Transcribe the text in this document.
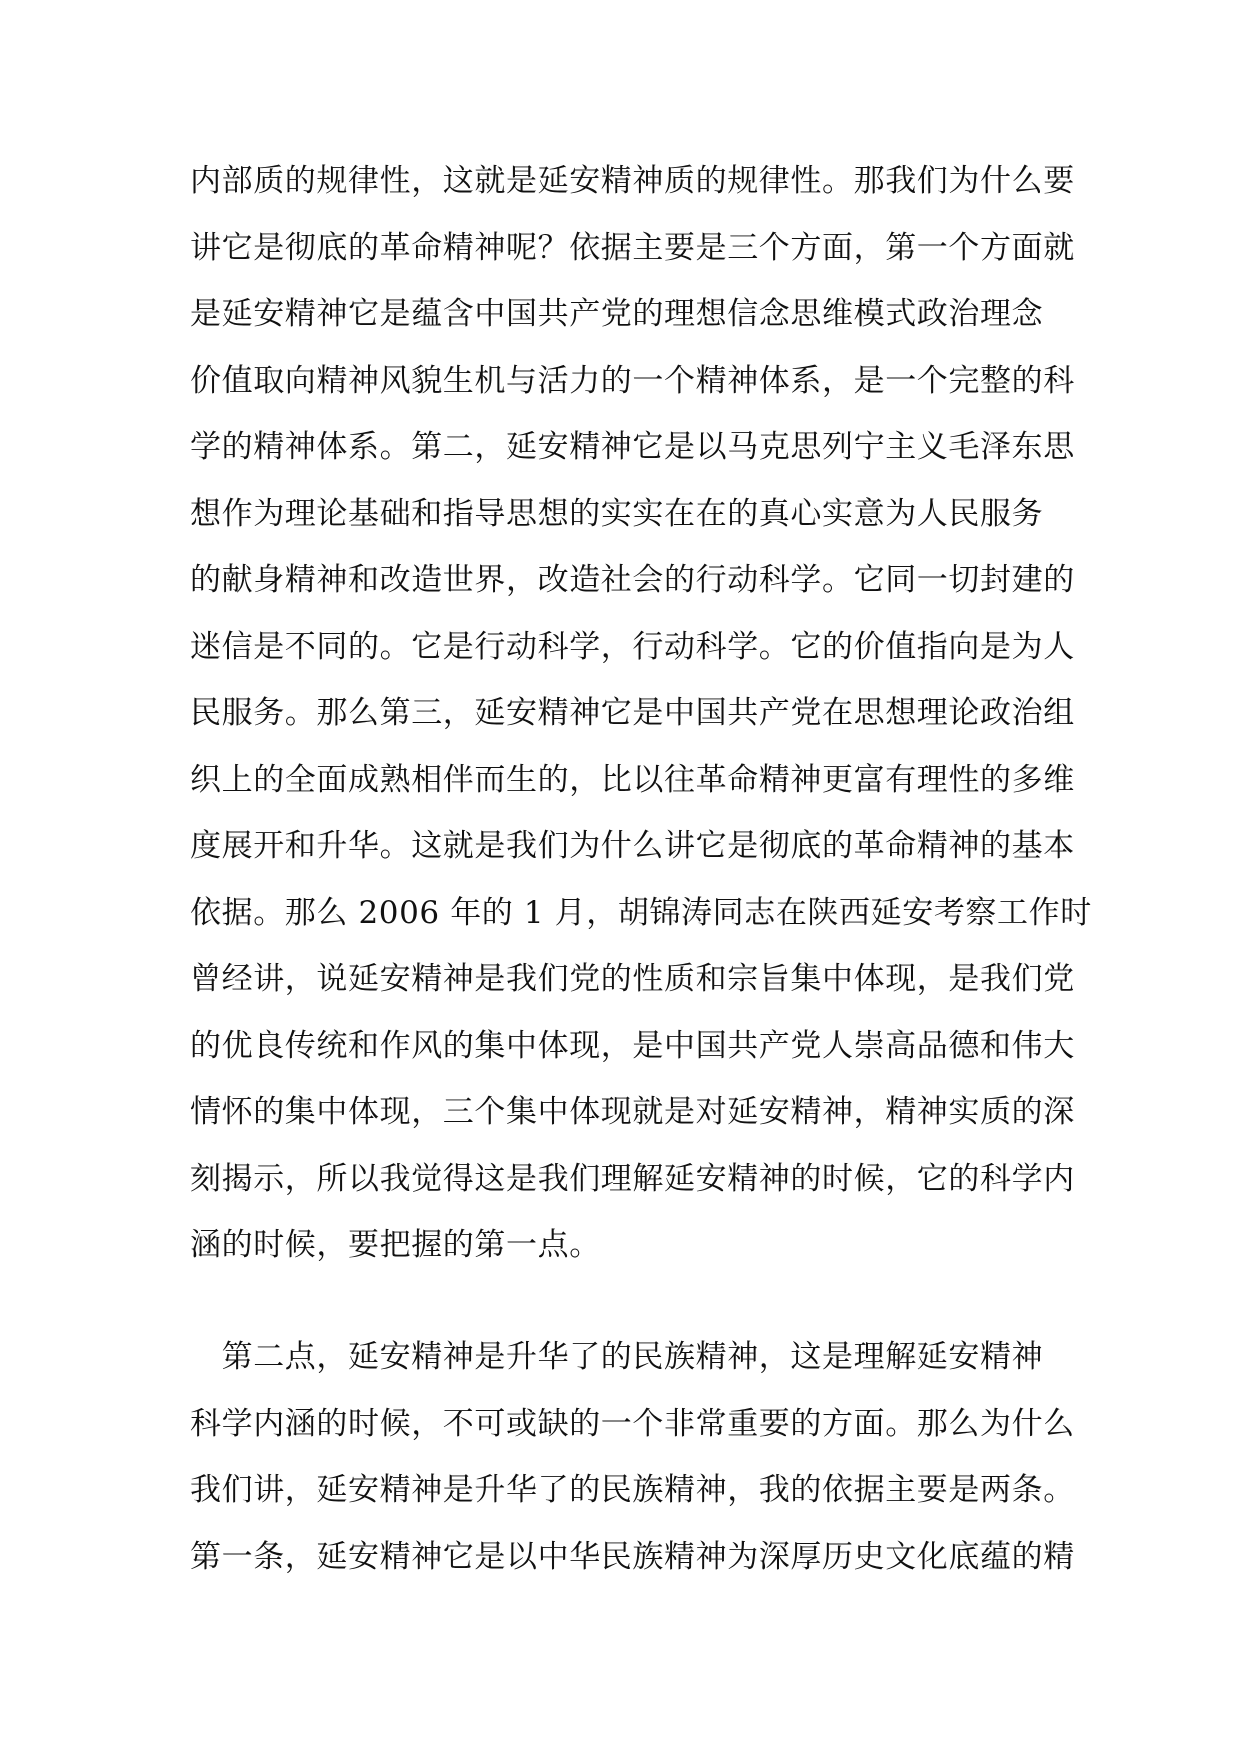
内部质的规律性，这就是延安精神质的规律性。那我们为什么要
讲它是彻底的革命精神呢？依据主要是三个方面，第一个方面就
是延安精神它是蕴含中国共产党的理想信念思维模式政治理念
价值取向精神风貌生机与活力的一个精神体系，是一个完整的科
学的精神体系。第二，延安精神它是以马克思列宁主义毛泽东思
想作为理论基础和指导思想的实实在在的真心实意为人民服务
的献身精神和改造世界，改造社会的行动科学。它同一切封建的
迷信是不同的。它是行动科学，行动科学。它的价值指向是为人
民服务。那么第三，延安精神它是中国共产党在思想理论政治组
织上的全面成熟相伴而生的，比以往革命精神更富有理性的多维
度展开和升华。这就是我们为什么讲它是彻底的革命精神的基本
依据。那么 2006 年的 1 月，胡锦涛同志在陕西延安考察工作时
曾经讲，说延安精神是我们党的性质和宗旨集中体现，是我们党
的优良传统和作风的集中体现，是中国共产党人崇高品德和伟大
情怀的集中体现，三个集中体现就是对延安精神，精神实质的深
刻揭示，所以我觉得这是我们理解延安精神的时候，它的科学内
涵的时候，要把握的第一点。
　第二点，延安精神是升华了的民族精神，这是理解延安精神
科学内涵的时候，不可或缺的一个非常重要的方面。那么为什么
我们讲，延安精神是升华了的民族精神，我的依据主要是两条。
第一条，延安精神它是以中华民族精神为深厚历史文化底蕴的精
